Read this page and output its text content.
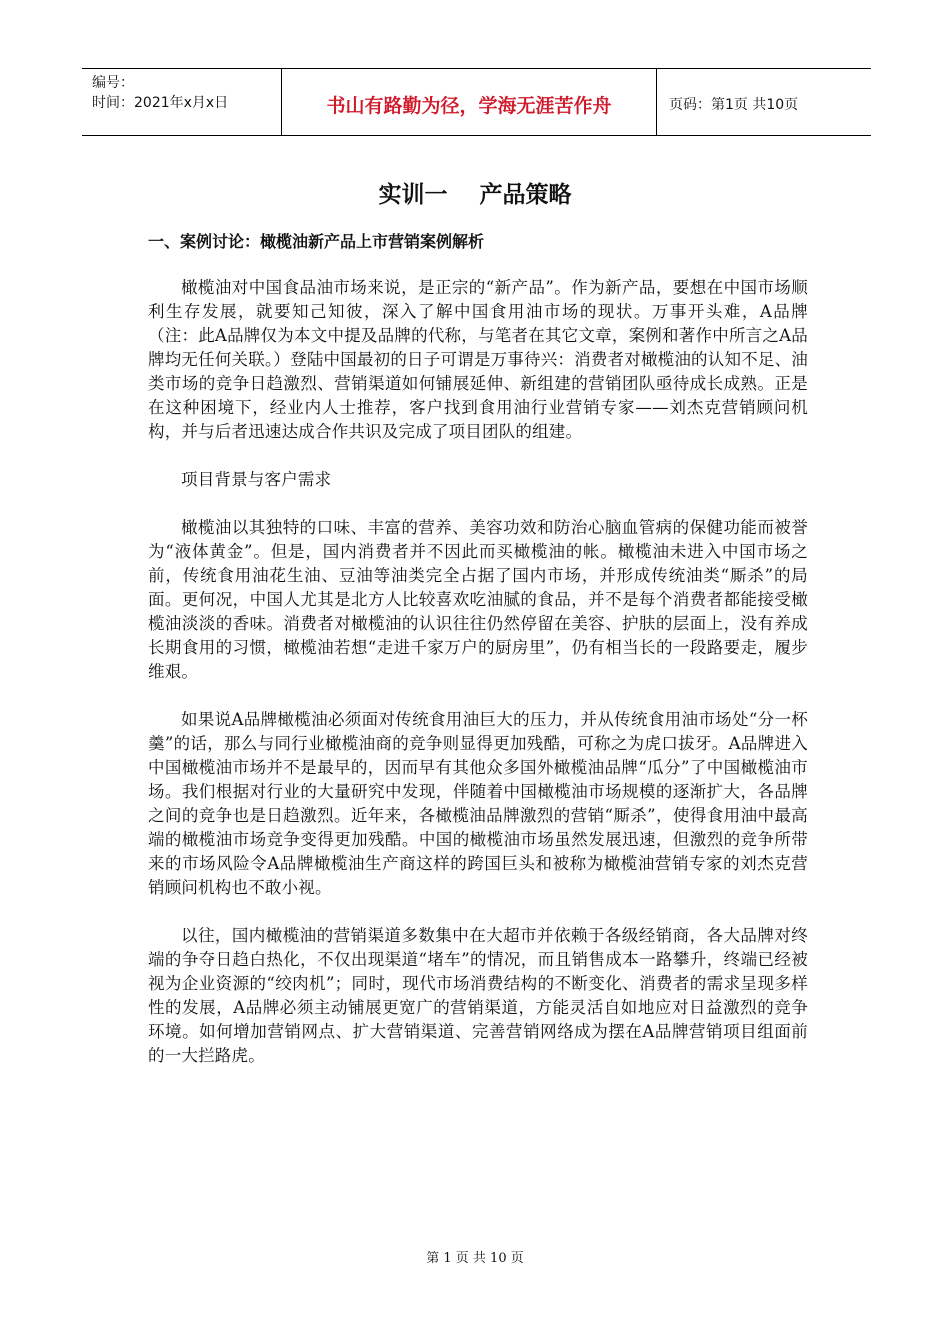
编号：
时间：2021年x月x日	书山有路勤为径，学海无涯苦作舟	页码：第1页 共10页
实训一    产品策略
一、案例讨论：橄榄油新产品上市营销案例解析

橄榄油对中国食品油市场来说，是正宗的“新产品”。作为新产品，要想在中国市场顺利生存发展，就要知己知彼，深入了解中国食用油市场的现状。万事开头难，A品牌（注：此A品牌仅为本文中提及品牌的代称，与笔者在其它文章，案例和著作中所言之A品牌均无任何关联。）登陆中国最初的日子可谓是万事待兴：消费者对橄榄油的认知不足、油类市场的竞争日趋激烈、营销渠道如何铺展延伸、新组建的营销团队亟待成长成熟。正是在这种困境下，经业内人士推荐，客户找到食用油行业营销专家——刘杰克营销顾问机构，并与后者迅速达成合作共识及完成了项目团队的组建。

项目背景与客户需求

橄榄油以其独特的口味、丰富的营养、美容功效和防治心脑血管病的保健功能而被誉为“液体黄金”。但是，国内消费者并不因此而买橄榄油的帐。橄榄油未进入中国市场之前，传统食用油花生油、豆油等油类完全占据了国内市场，并形成传统油类“厮杀”的局面。更何况，中国人尤其是北方人比较喜欢吃油腻的食品，并不是每个消费者都能接受橄榄油淡淡的香味。消费者对橄榄油的认识往往仍然停留在美容、护肤的层面上，没有养成长期食用的习惯，橄榄油若想“走进千家万户的厨房里”，仍有相当长的一段路要走，履步维艰。

如果说A品牌橄榄油必须面对传统食用油巨大的压力，并从传统食用油市场处“分一杯羹”的话，那么与同行业橄榄油商的竞争则显得更加残酷，可称之为虎口拔牙。A品牌进入中国橄榄油市场并不是最早的，因而早有其他众多国外橄榄油品牌“瓜分”了中国橄榄油市场。我们根据对行业的大量研究中发现，伴随着中国橄榄油市场规模的逐渐扩大，各品牌之间的竞争也是日趋激烈。近年来，各橄榄油品牌激烈的营销“厮杀”，使得食用油中最高端的橄榄油市场竞争变得更加残酷。中国的橄榄油市场虽然发展迅速，但激烈的竞争所带来的市场风险令A品牌橄榄油生产商这样的跨国巨头和被称为橄榄油营销专家的刘杰克营销顾问机构也不敢小视。

以往，国内橄榄油的营销渠道多数集中在大超市并依赖于各级经销商，各大品牌对终端的争夺日趋白热化，不仅出现渠道“堵车”的情况，而且销售成本一路攀升，终端已经被视为企业资源的“绞肉机”；同时，现代市场消费结构的不断变化、消费者的需求呈现多样性的发展，A品牌必须主动铺展更宽广的营销渠道，方能灵活自如地应对日益激烈的竞争环境。如何增加营销网点、扩大营销渠道、完善营销网络成为摆在A品牌营销项目组面前的一大拦路虎。

第 1 页 共 10 页
